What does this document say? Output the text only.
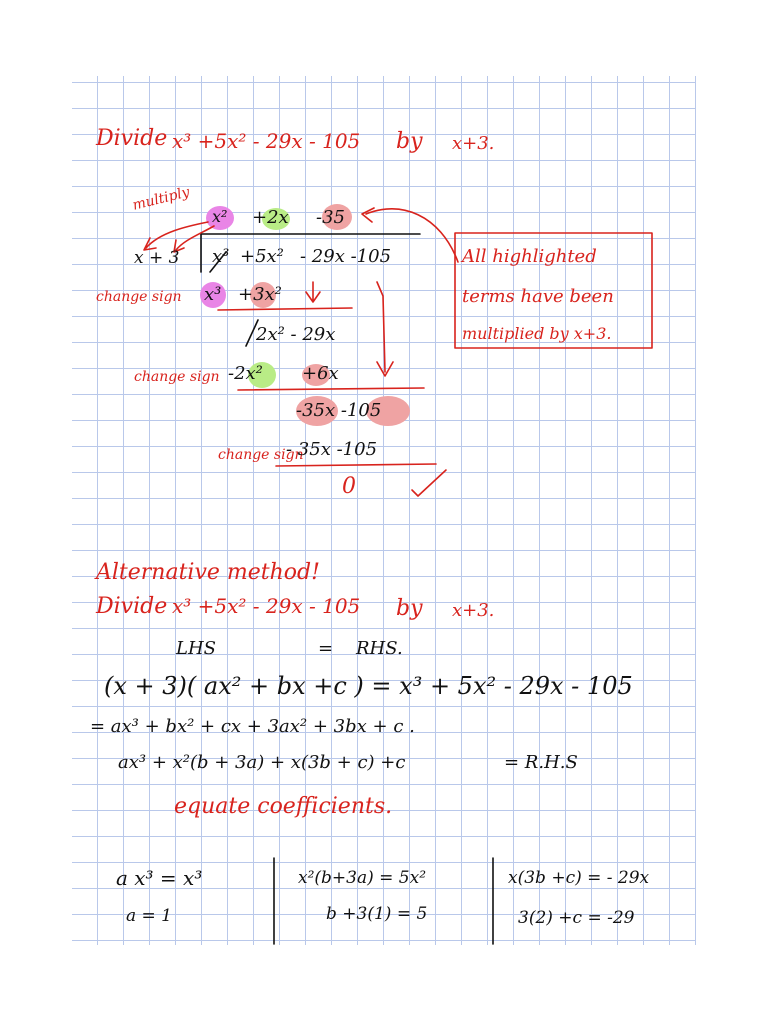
Divide x³ +5x² - 29x - 105 by x+3.
multiply
x² +2x -35
x + 3 x³ +5x² - 29x -105
change sign x³ +3x²
2x² - 29x
change sign -2x² +6x
-35x -105
change sign
- 35x -105
0
All highlighted
terms have been
multiplied by x+3.
Alternative method!
Divide x³ +5x² - 29x - 105 by x+3.
LHS	= RHS.
(x + 3)( ax² + bx +c ) = x³ + 5x² - 29x - 105
= ax³ + bx² + cx + 3ax² + 3bx + c .
ax³ + x²(b + 3a) + x(3b + c) +c	= R.H.S
equate coefficients.
a x³ = x³
a = 1
x²(b+3a) = 5x²
b +3(1) = 5
x(3b +c) = - 29x
3(2) +c = -29
